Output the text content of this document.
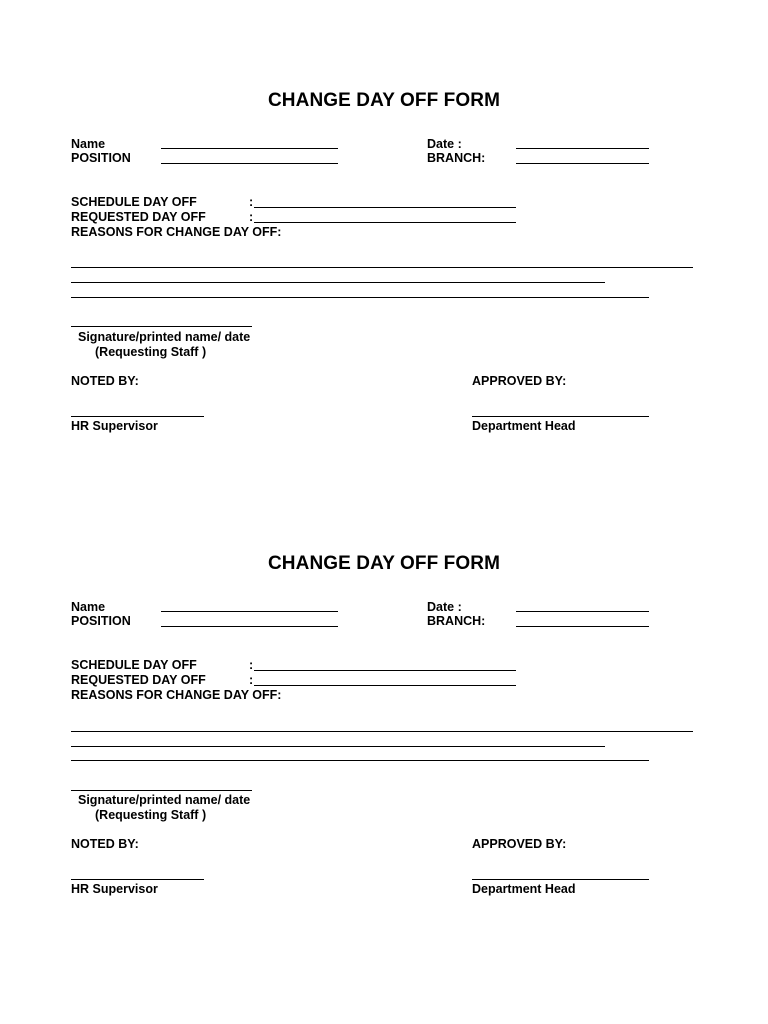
CHANGE DAY OFF FORM
Name
POSITION
Date :
BRANCH:
SCHEDULE DAY OFF	:
REQUESTED DAY OFF	:
REASONS FOR CHANGE DAY OFF:
Signature/printed name/ date
(Requesting Staff )
NOTED BY:	APPROVED BY:
HR Supervisor	Department Head
CHANGE DAY OFF FORM
Name
POSITION
Date :
BRANCH:
SCHEDULE DAY OFF	:
REQUESTED DAY OFF	:
REASONS FOR CHANGE DAY OFF:
Signature/printed name/ date
(Requesting Staff )
NOTED BY:	APPROVED BY:
HR Supervisor	Department Head
